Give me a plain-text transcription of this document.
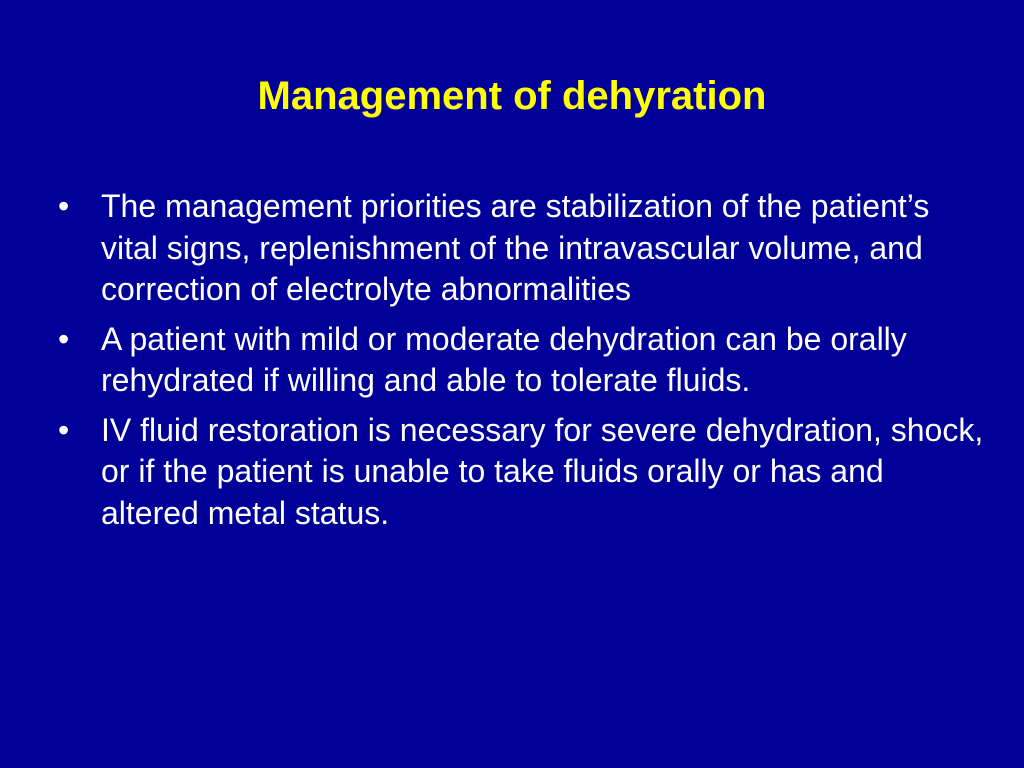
Management of dehyration
• The management priorities are stabilization of the patient’s vital signs, replenishment of the intravascular volume, and correction of electrolyte abnormalities
• A patient with mild or moderate dehydration can be orally rehydrated if willing and able to tolerate fluids.
• IV fluid restoration is necessary for severe dehydration, shock, or if the patient is unable to take fluids orally or has and altered metal status.
